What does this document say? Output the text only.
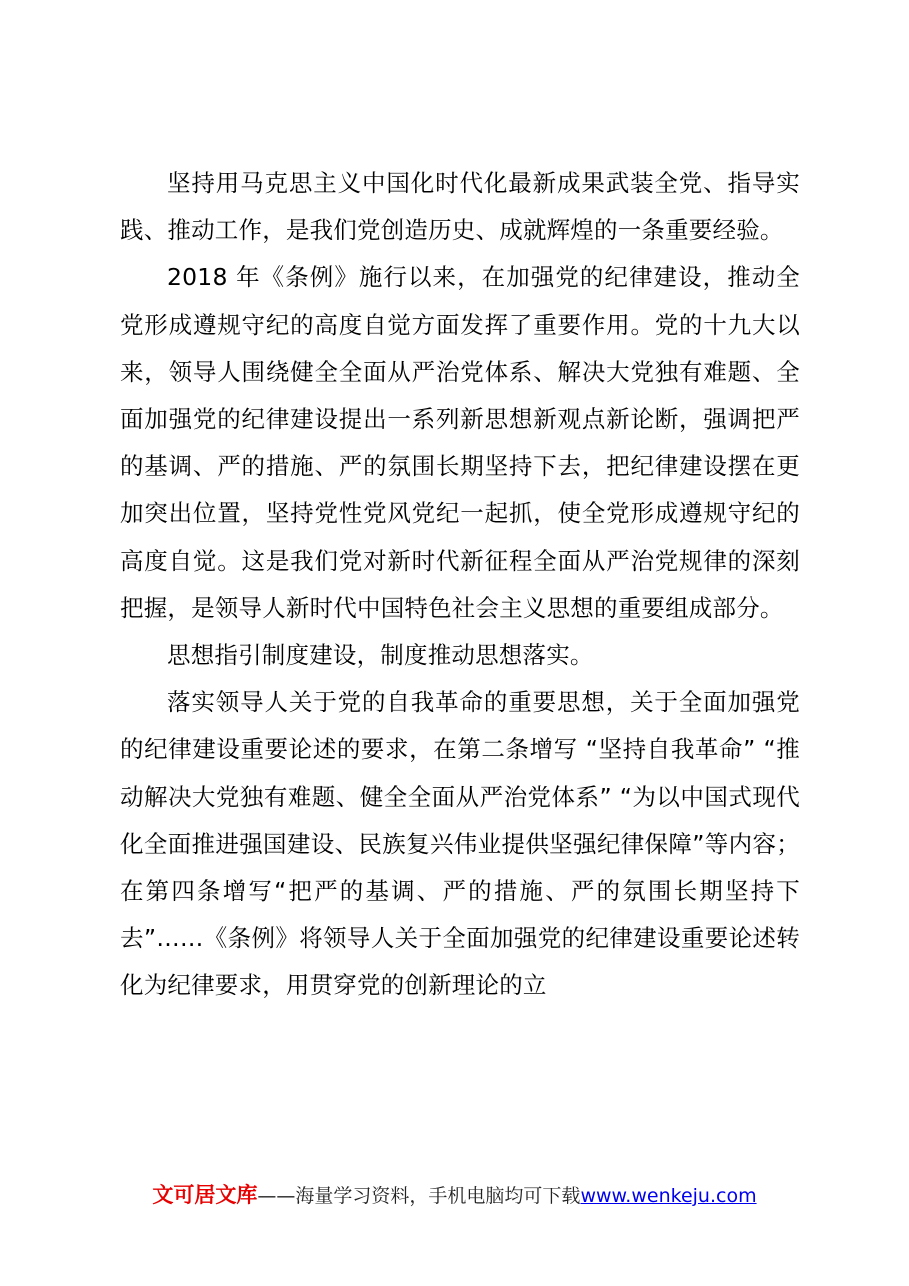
坚持用马克思主义中国化时代化最新成果武装全党、指导实践、推动工作，是我们党创造历史、成就辉煌的一条重要经验。

2018 年《条例》施行以来，在加强党的纪律建设，推动全党形成遵规守纪的高度自觉方面发挥了重要作用。党的十九大以来，领导人围绕健全全面从严治党体系、解决大党独有难题、全面加强党的纪律建设提出一系列新思想新观点新论断，强调把严的基调、严的措施、严的氛围长期坚持下去，把纪律建设摆在更加突出位置，坚持党性党风党纪一起抓，使全党形成遵规守纪的高度自觉。这是我们党对新时代新征程全面从严治党规律的深刻把握，是领导人新时代中国特色社会主义思想的重要组成部分。

思想指引制度建设，制度推动思想落实。

落实领导人关于党的自我革命的重要思想，关于全面加强党的纪律建设重要论述的要求，在第二条增写 “坚持自我革命” “推动解决大党独有难题、健全全面从严治党体系” “为以中国式现代化全面推进强国建设、民族复兴伟业提供坚强纪律保障”等内容；在第四条增写“把严的基调、严的措施、严的氛围长期坚持下去”……《条例》将领导人关于全面加强党的纪律建设重要论述转化为纪律要求，用贯穿党的创新理论的立

文可居文库——海量学习资料，手机电脑均可下载www.wenkeju.com
